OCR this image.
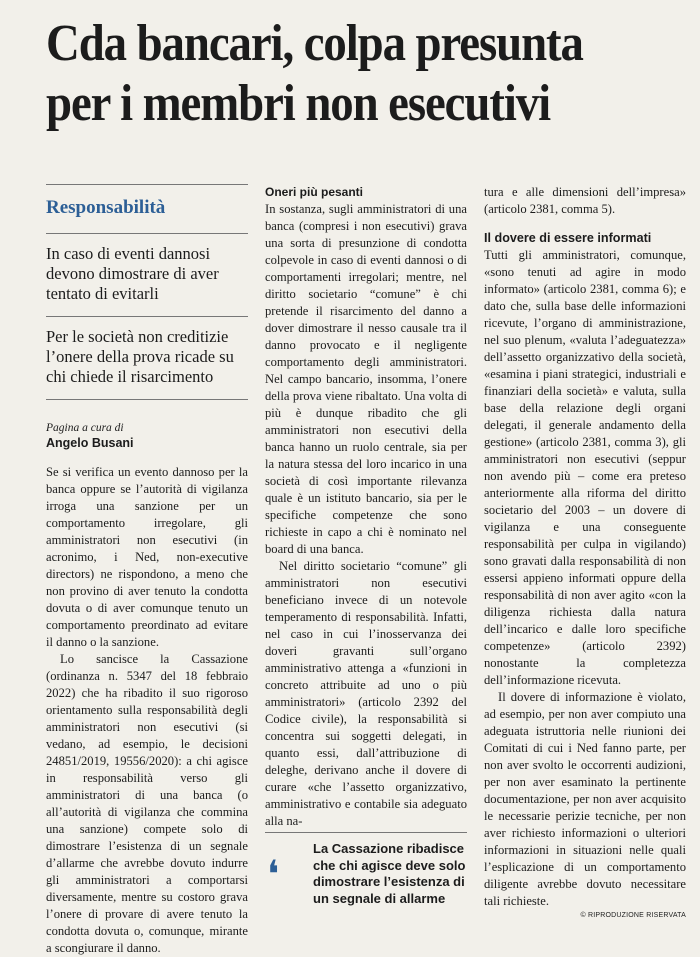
Cda bancari, colpa presunta per i membri non esecutivi

Responsabilità

In caso di eventi dannosi devono dimostrare di aver tentato di evitarli

Per le società non creditizie l’onere della prova ricade su chi chiede il risarcimento

Pagina a cura di

Angelo Busani

Se si verifica un evento dannoso per la banca oppure se l’autorità di vigilanza irroga una sanzione per un comportamento irregolare, gli amministratori non esecutivi (in acronimo, i Ned, non-executive directors) ne rispondono, a meno che non provino di aver tenuto la condotta dovuta o di aver comunque tenuto un comportamento preordinato ad evitare il danno o la sanzione.

Lo sancisce la Cassazione (ordinanza n. 5347 del 18 febbraio 2022) che ha ribadito il suo rigoroso orientamento sulla responsabilità degli amministratori non esecutivi (si vedano, ad esempio, le decisioni 24851/2019, 19556/2020): a chi agisce in responsabilità verso gli amministratori di una banca (o all’autorità di vigilanza che commina una sanzione) compete solo di dimostrare l’esistenza di un segnale d’allarme che avrebbe dovuto indurre gli amministratori a comportarsi diversamente, mentre su costoro grava l’onere di provare di avere tenuto la condotta dovuta o, comunque, mirante a scongiurare il danno.

Oneri più pesanti

In sostanza, sugli amministratori di una banca (compresi i non esecutivi) grava una sorta di presunzione di condotta colpevole in caso di eventi dannosi o di comportamenti irregolari; mentre, nel diritto societario “comune” è chi pretende il risarcimento del danno a dover dimostrare il nesso causale tra il danno provocato e il negligente comportamento degli amministratori. Nel campo bancario, insomma, l’onere della prova viene ribaltato. Una volta di più è dunque ribadito che gli amministratori non esecutivi della banca hanno un ruolo centrale, sia per la natura stessa del loro incarico in una società di così importante rilevanza quale è un istituto bancario, sia per le specifiche competenze che sono richieste in capo a chi è nominato nel board di una banca.

Nel diritto societario “comune” gli amministratori non esecutivi beneficiano invece di un notevole temperamento di responsabilità. Infatti, nel caso in cui l’inosservanza dei doveri gravanti sull’organo amministrativo attenga a «funzioni in concreto attribuite ad uno o più amministratori» (articolo 2392 del Codice civile), la responsabilità si concentra sui soggetti delegati, in quanto essi, dall’attribuzione di deleghe, derivano anche il dovere di curare «che l’assetto organizzativo, amministrativo e contabile sia adeguato alla na-

❛
La Cassazione ribadisce che chi agisce deve solo dimostrare l’esistenza di un segnale di allarme

tura e alle dimensioni dell’impresa» (articolo 2381, comma 5).

Il dovere di essere informati

Tutti gli amministratori, comunque, «sono tenuti ad agire in modo informato» (articolo 2381, comma 6); e dato che, sulla base delle informazioni ricevute, l’organo di amministrazione, nel suo plenum, «valuta l’adeguatezza» dell’assetto organizzativo della società, «esamina i piani strategici, industriali e finanziari della società» e valuta, sulla base della relazione degli organi delegati, il generale andamento della gestione» (articolo 2381, comma 3), gli amministratori non esecutivi (seppur non avendo più – come era preteso anteriormente alla riforma del diritto societario del 2003 – un dovere di vigilanza e una conseguente responsabilità per culpa in vigilando) sono gravati dalla responsabilità di non essersi appieno informati oppure della responsabilità di non aver agito «con la diligenza richiesta dalla natura dell’incarico e dalle loro specifiche competenze» (articolo 2392) nonostante la completezza dell’informazione ricevuta.

Il dovere di informazione è violato, ad esempio, per non aver compiuto una adeguata istruttoria nelle riunioni dei Comitati di cui i Ned fanno parte, per non aver svolto le occorrenti audizioni, per non aver esaminato la pertinente documentazione, per non aver acquisito le necessarie perizie tecniche, per non aver richiesto informazioni o ulteriori informazioni in situazioni nelle quali l’esplicazione di un comportamento diligente avrebbe dovuto necessitare tali richieste.

© RIPRODUZIONE RISERVATA
